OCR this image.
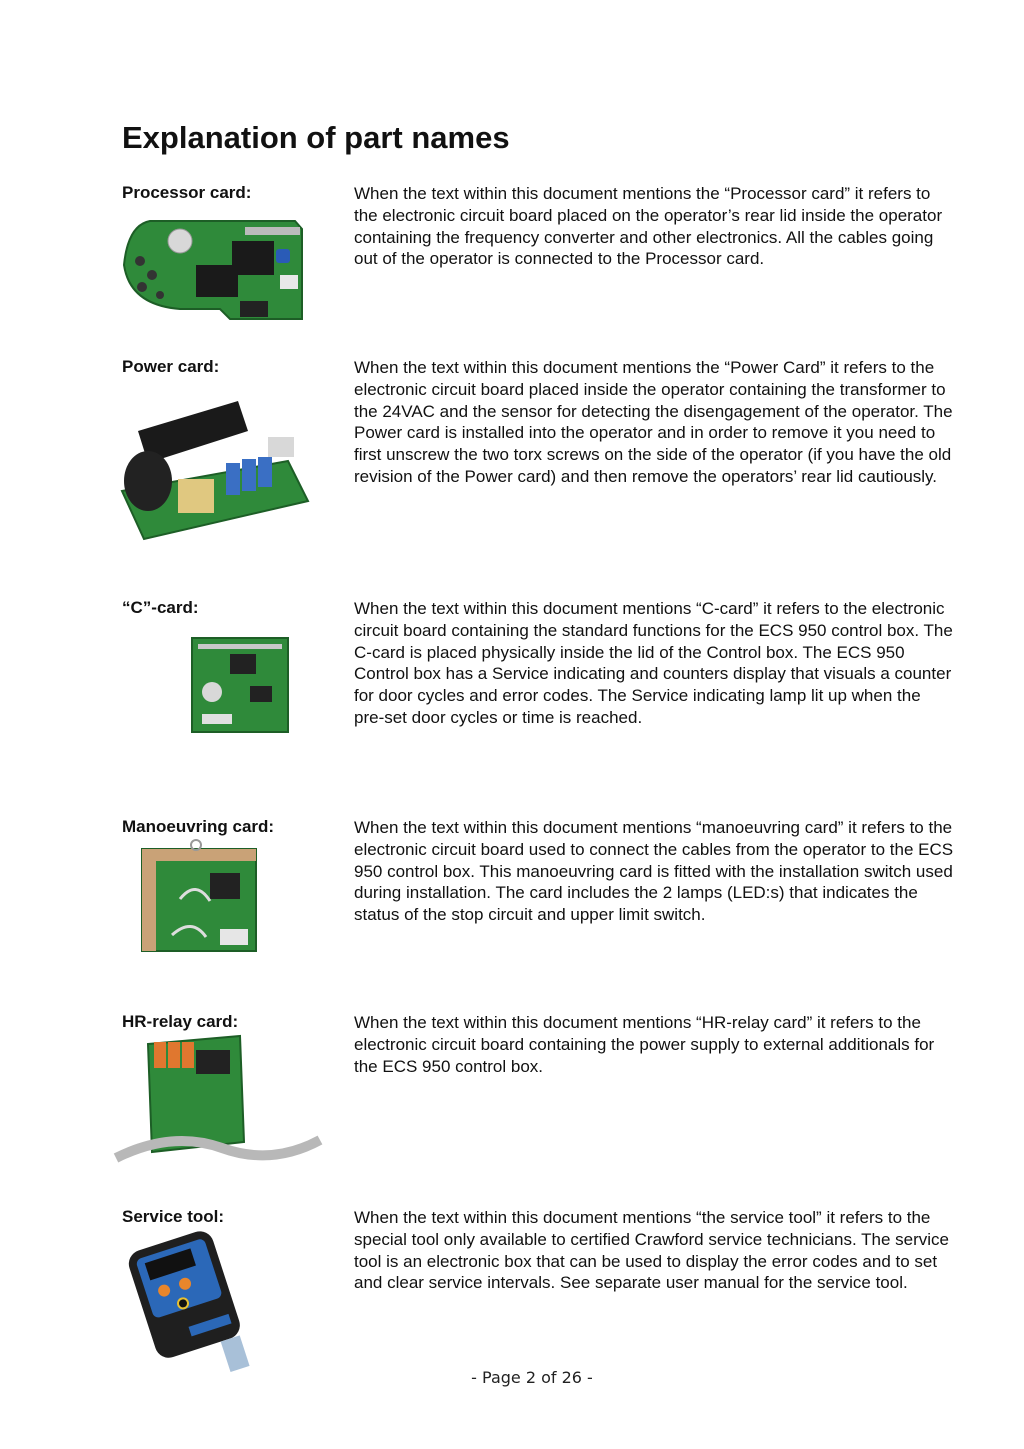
Explanation of part names
Processor card:	When the text within this document mentions the “Processor card” it refers to the electronic circuit board placed on the operator’s rear lid inside the operator containing the frequency converter and other electronics. All the cables going out of the operator is connected to the Processor card.
Power card:	When the text within this document mentions the “Power Card” it refers to the electronic circuit board placed inside the operator containing the transformer to the 24VAC and the sensor for detecting the disengagement of the operator. The Power card is installed into the operator and in order to remove it you need to first unscrew the two torx screws on the side of the operator (if you have the old revision of the Power card) and then remove the operators’ rear lid cautiously.
“C”-card:	When the text within this document mentions “C-card” it refers to the electronic circuit board containing the standard functions for the ECS 950 control box. The C-card is placed physically inside the lid of the Control box. The ECS 950 Control box has a Service indicating and counters display that visuals a counter for door cycles and error codes. The Service indicating lamp lit up when the pre-set door cycles or time is reached.
Manoeuvring card:	When the text within this document mentions “manoeuvring card” it refers to the electronic circuit board used to connect the cables from the operator to the ECS 950 control box. This manoeuvring card is fitted with the installation switch used during installation. The card includes the 2 lamps (LED:s) that indicates the status of the stop circuit and upper limit switch.
HR-relay card:	When the text within this document mentions “HR-relay card” it refers to the electronic circuit board containing the power supply to external additionals for the ECS 950 control box.
Service tool:	When the text within this document mentions “the service tool” it refers to the special tool only available to certified Crawford service technicians. The service tool is an electronic box that can be used to display the error codes and to set and clear service intervals. See separate user manual for the service tool.
- Page 2 of 26 -
